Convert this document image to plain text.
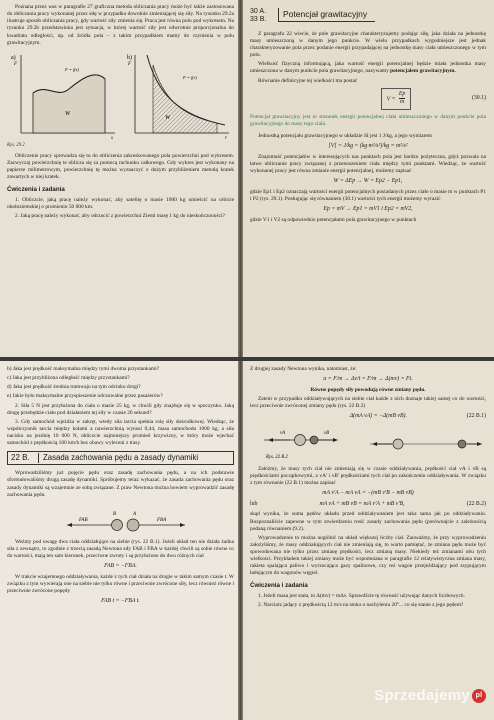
Poznana przez was w paragrafie 27 graficzna metoda obliczania pracy może być także zastosowana do obliczania pracy wykonanej przez siłę w przypadku dowolnie zmieniającej się siły. Na rysunku 29.2a ilustruje sposób obliczania pracy, gdy wartość siły zmienia się. Praca jest równa polu pod wykresem. Na rysunku 29.2b przedstawiona jest sytuacja, w której wartość siły jest odwrotnie proporcjonalna do kwadratu odległości, np. od źródła pola – z takim przypadkiem mamy do czynienia w polu grawitacyjnym.

a)
F
F = f(s)
W
s
b)
F
F = f(r)
W
r
Rys. 29.2

Obliczenie pracy sprowadza się tu do obliczenia zakreskowanego pola powierzchni pod wykresem. Zazwyczaj powierzchnię te oblicza się za pomocą rachunku całkowego. Gdy wykres jest wykonany na papierze milimetrowym, powierzchnię tę można wyznaczyć z dużym przybliżeniem metodą kratek zawartych w niej kratek.

Ćwiczenia i zadania

1. Obliczcie, jaką pracę należy wykonać, aby satelitę o masie 1000 kg umieścić na orbicie okołoziemskiej o promieniu 50 000 km.

2. Jaką pracę należy wykonać, aby odrzucić z powierzchni Ziemi masę 1 kg do nieskończoności?

30 A.
33 B.
Potencjał grawitacyjny

Z paragrafu 22 wiecie, że pole grawitacyjne charakteryzujemy podając siłę, jaka działa na jednostkę masy umieszczoną w danym jego punkcie. W wielu przypadkach wygodniejsze jest jednak charakteryzowanie pola przez podanie energii przypadającej na jednostkę masy ciała umieszczonego w tym polu.

Wielkość fizyczną informującą, jaka wartość energii potencjalnej będzie miała jednostka masy umieszczona w danym punkcie pola grawitacyjnego, nazywamy potencjałem grawitacyjnym.

Równanie definicyjne tej wielkości ma postać

$V = \frac{Ep}{m}$	(30.1)

Potencjał grawitacyjny jest to stosunek energii potencjalnej ciała umieszczonego w danym punkcie pola grawitacyjnego do masy tego ciała.

Jednostką potencjału grawitacyjnego w układzie SI jest 1 J/kg, a jego wymiarem

[V] = J/kg = (kg·m²/s²)/kg = m²/s²

Znajomość potencjałów w interesujących nas punktach pola jest bardzo pożyteczna, gdyż pozwala na łatwe obliczanie pracy związanej z przenoszeniem ciała między tymi punktami. Wiedząc, że wartość wykonanej pracy jest równa zmianie energii potencjalnej, możemy zapisać

W = ΔEp → W = Ep2 − Ep1,

gdzie Ep1 i Ep2 oznaczają wartości energii potencjalnych posiadanych przez ciało o masie m w punktach P1 i P2 (rys. 29.1). Posługując się równaniem (30.1) wartości tych energii możemy wyrazić

Ep = mV → Ep1 = mV1 i Ep2 = mV2,

gdzie V1 i V2 są odpowiednio potencjałami pola grawitacyjnego w punktach

b) Jaka jest prędkość maksymalna między tymi dwoma przystankami?

c) Jaka jest przybliżona odległość między przystankami?

d) Jaka jest prędkość średnia tramwaju na tym odcinku drogi?

e) Jakie było maksymalne przyspieszenie odczuwalne przez pasażerów?

2. Siła 5 N jest przyłożona do ciała o masie 25 kg, w chwili gdy znajduje się w spoczynku. Jaką drogę przebędzie ciało pod działaniem tej siły w czasie 20 sekund?

3. Gdy samochód wjeżdża w zakręt, wtedy siła tarcia spełnia rolę siły dośrodkowej. Wiedząc, że współczynnik tarcia między kołami a nawierzchnią wynosi 0,44, masa samochodu 1000 kg, a siła nacisku na jezdnię 10 000 N, obliczcie najmniejszy promień krzywizny, w który może wjechać samochód z prędkością 100 km/h bez obawy wyleceni z trasy.

22 B.	Zasada zachowania pędu a zasady dynamiki

Wprowadziliśmy już pojęcie pędu oraz zasadę zachowania pędu, a na ich podstawie sformułowaliśmy drugą zasadę dynamiki. Spróbujemy teraz wykazać, że zasada zachowania pędu oraz zasady dynamiki są wzajemnie ze sobą związane. Z praw Newtona można bowiem wyprowadzić zasadę zachowania pędu.

B	A
FAB	FBA

Weźmy pod uwagę dwa ciała oddziałujące na siebie (rys. 22 B.1). Jeżeli układ ten nie działa żadna siła z zewnątrz, to zgodnie z trzecią zasadą Newtona siły FAB i FBA w każdej chwili są sobie równe co do wartości, mają ten sam kierunek, przeciwne zwroty i są przyłożone do dwu różnych ciał

FAB = −FBA.

W trakcie wzajemnego oddziaływania, każde z tych ciał działa na drugie w takim samym czasie t. W związku z tym wywierają one na siebie nie tylko równe i przeciwnie zwrócone siły, lecz również równe i przeciwnie zwrócone popędy

FAB t = −FBA t.

Z drugiej zasady Newtona wynika, natomiast, że:

a = F/m → Δv/t = F/m → Δ(mv) = Ft.

Równe popędy siły powodują równe zmiany pędu.

Zatem w przypadku oddziaływujących na siebie ciał każde z nich doznaje takiej samej co do wartości, lecz przeciwnie zwróconej zmiany pędu (rys. 22 B.2)

Δ(mA vA) = −Δ(mB vB).	(22 B.1)
vA	vB
Rys. 22 B.2

Załóżmy, że masy tych ciał nie zmieniają się w czasie oddziaływania, prędkości ciał vA i vB są prędkościami początkowymi, a vA' i vB' prędkościami tych ciał po zakończeniu oddziaływania. W związku z tym równanie (22 B.1) można zapisać

mA v'A − mA vA = −(mB v'B − mB vB)
lub	mA vA + mB vB = mA v'A + mB v'B,	(22 B.2)

skąd wynika, że suma pędów układu przed oddziaływaniem jest taka sama jak po oddziaływaniu. Rozpoznaliście zapewne w tym stwierdzeniu treść zasady zachowania pędu (porównajcie z zależnością podaną równaniem (9.2).

Wyprowadzenie to można uogólnić na układ większej liczby ciał. Zauważmy, że przy wyprowadzeniu założyliśmy, że masy oddziałujących ciał nie zmieniają się, to warto pamiętać, że zmiana pędu może być spowodowana nie tylko przez zmianę prędkości, lecz zmianą masy. Niekiedy też zmianami obu tych wielkości. Przykładem takiej zmiany może być wspomniana w paragrafie 12 relatywistyczna zmiana masy, rakieta spalająca paliwo i wyrzucająca gazy spalinowe, czy też wagon przejeżdżający pod zsypującym ładującym do wagonów węgiel.

Ćwiczenia i zadania

1. Jeżeli masa jest stała, to Δ(mv) = mΔv. Sprawdźcie tę równość używając danych liczbowych.

2. Narciarz jadący z prędkością 12 m/s na stoku o nachyleniu 20°... co się stanie z jego pędem?

Sprzedajemy pl
